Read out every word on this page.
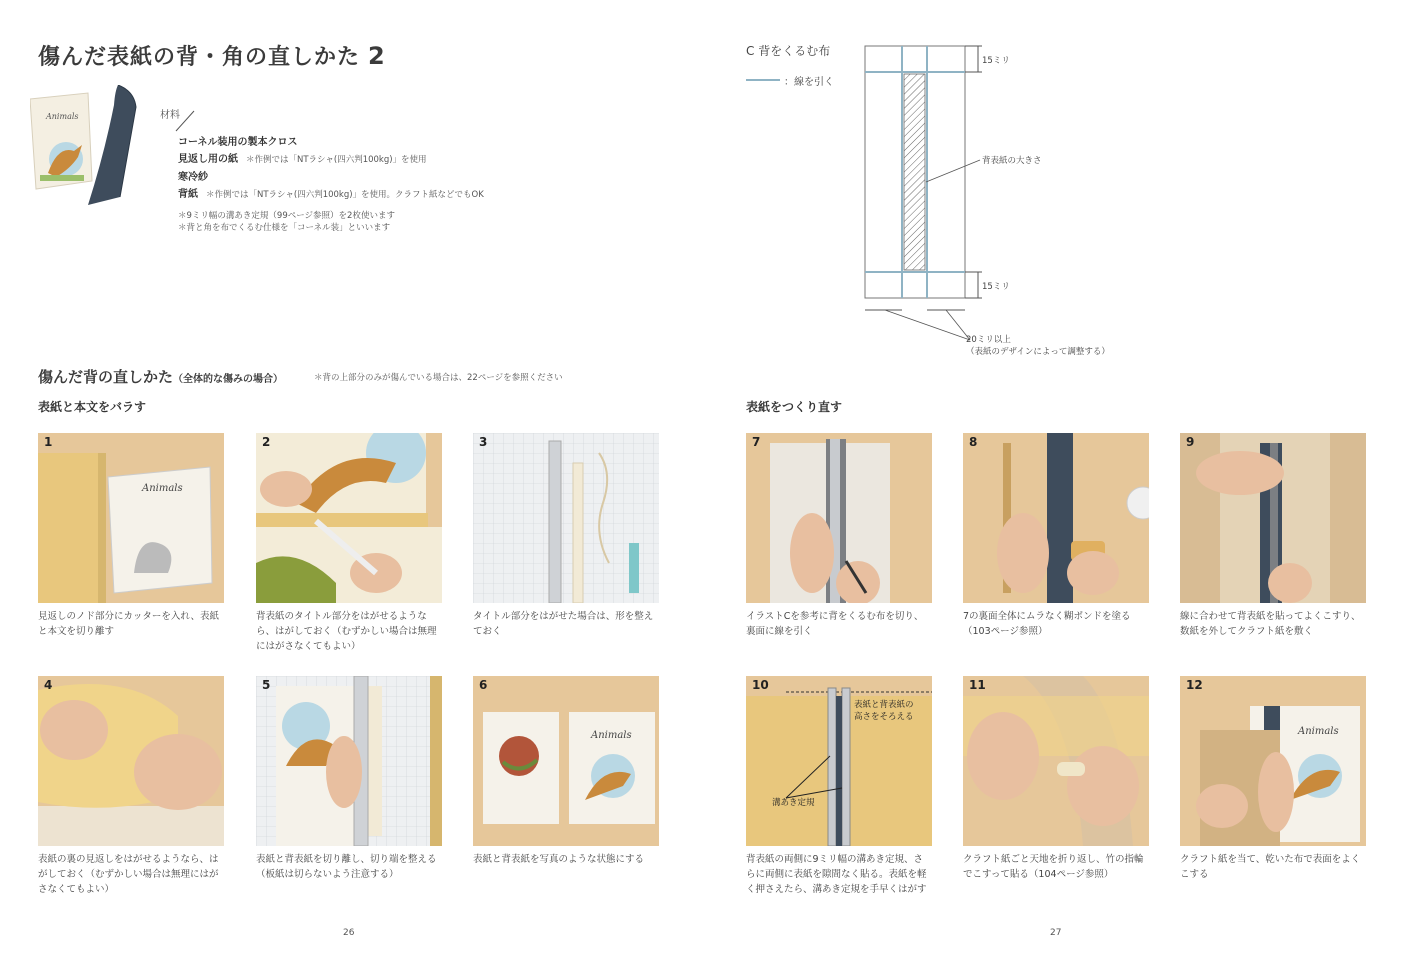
傷んだ表紙の背・角の直しかた 2
Animals	材料
コーネル装用の製本クロス
見返し用の紙 ＊作例では「NTラシャ(四六判100kg)」を使用
寒冷紗
背紙 ＊作例では「NTラシャ(四六判100kg)」を使用。クラフト紙などでもOK
＊9ミリ幅の溝あき定規（99ページ参照）を2枚使います
＊背と角を布でくるむ仕様を「コーネル装」といいます
C 背をくるむ布
：線を引く
15ミリ
15ミリ
背表紙の大きさ
20ミリ以上
（表紙のデザインによって調整する）
傷んだ背の直しかた（全体的な傷みの場合）	＊背の上部分のみが傷んでいる場合は、22ページを参照ください
表紙と本文をバラす	表紙をつくり直す
1
Animals
見返しのノド部分にカッターを入れ、表紙と本文を切り離す
2
背表紙のタイトル部分をはがせるようなら、はがしておく（むずかしい場合は無理にはがさなくてもよい）
3
タイトル部分をはがせた場合は、形を整えておく
7
イラストCを参考に背をくるむ布を切り、裏面に線を引く
8
7の裏面全体にムラなく糊ボンドを塗る（103ページ参照）
9
線に合わせて背表紙を貼ってよくこすり、数紙を外してクラフト紙を敷く
4
表紙の裏の見返しをはがせるようなら、はがしておく（むずかしい場合は無理にはがさなくてもよい）
5
表紙と背表紙を切り離し、切り端を整える（板紙は切らないよう注意する）
6
Animals
表紙と背表紙を写真のような状態にする
10
背表紙の両側に9ミリ幅の溝あき定規、さらに両側に表紙を隙間なく貼る。表紙を軽く押さえたら、溝あき定規を手早くはがす
表紙と背表紙の
高さをそろえる
溝あき定規
11
クラフト紙ごと天地を折り返し、竹の指輪でこすって貼る（104ページ参照）
12
Animals
クラフト紙を当て、乾いた布で表面をよくこする
26	27
